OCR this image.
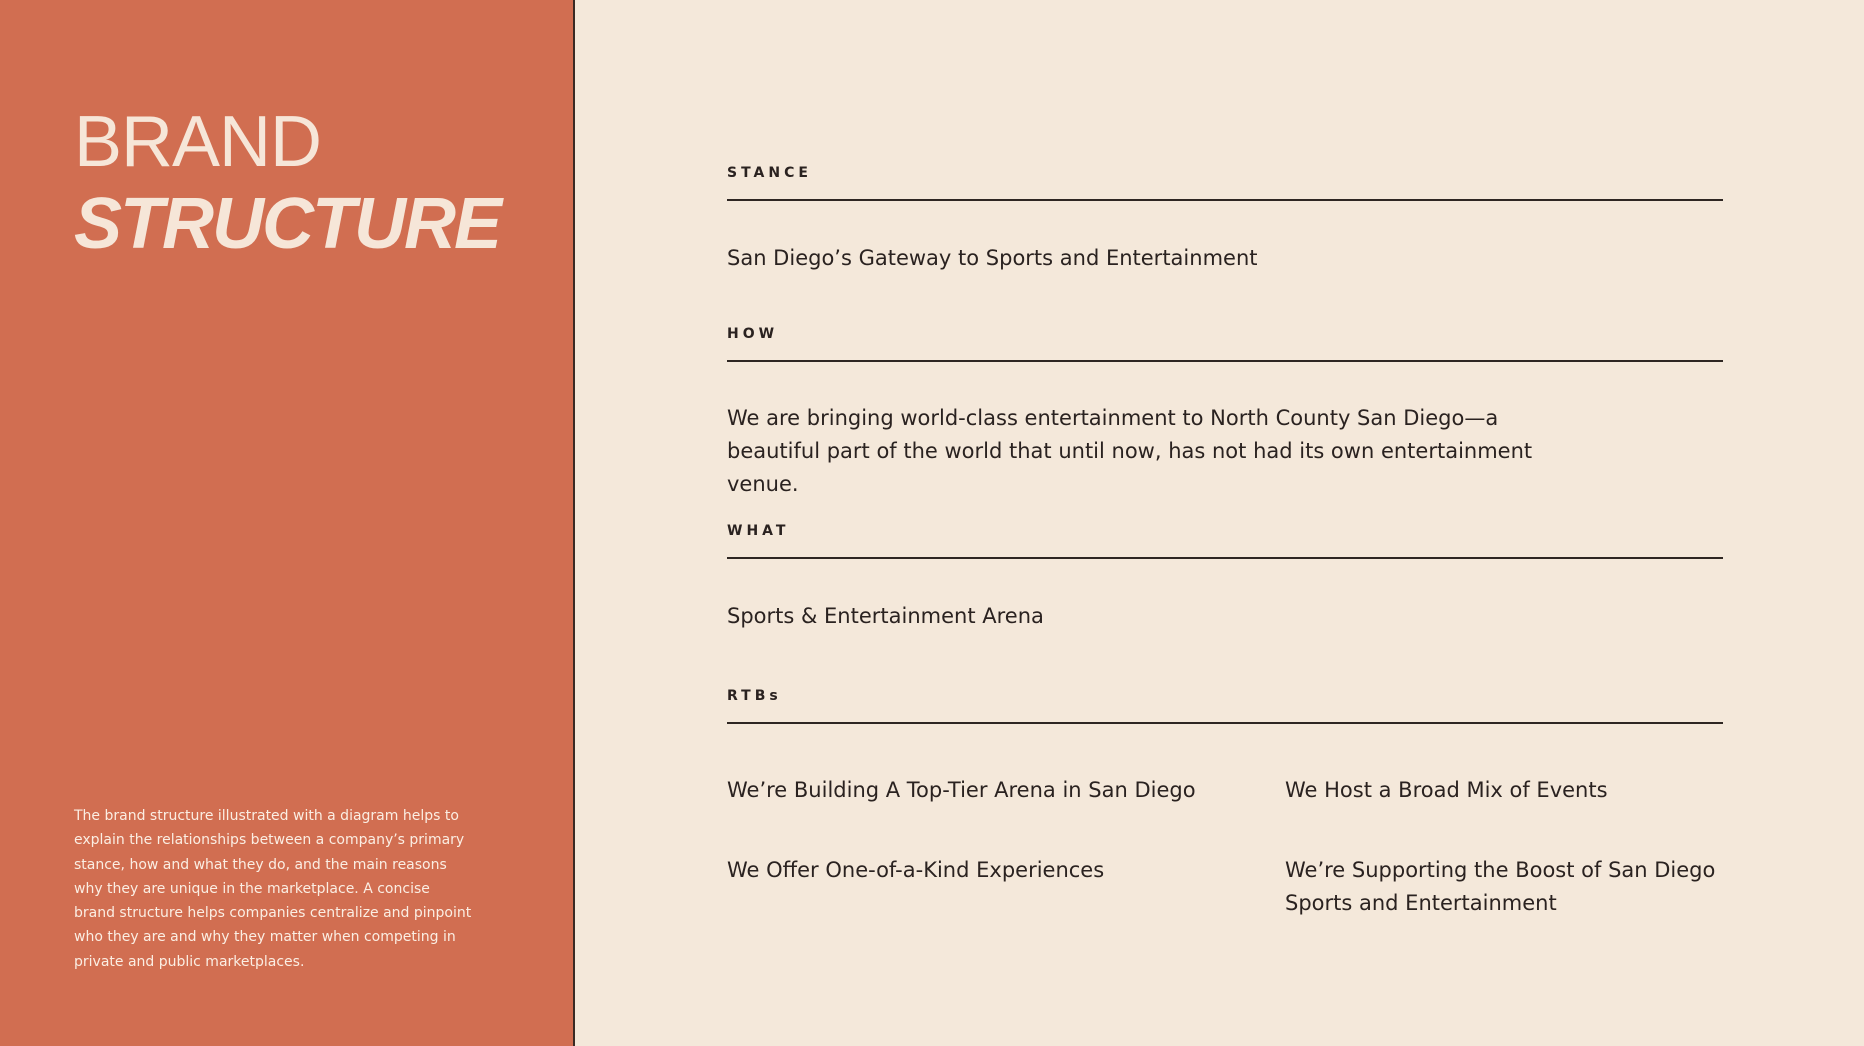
BRAND
STRUCTURE

The brand structure illustrated with a diagram helps to explain the relationships between a company’s primary stance, how and what they do, and the main reasons why they are unique in the marketplace. A concise brand structure helps companies centralize and pinpoint who they are and why they matter when competing in private and public marketplaces.

STANCE

San Diego’s Gateway to Sports and Entertainment

HOW

We are bringing world-class entertainment to North County San Diego—a beautiful part of the world that until now, has not had its own entertainment venue.

WHAT

Sports & Entertainment Arena

RTBs

We’re Building A Top-Tier Arena in San Diego	We Host a Broad Mix of Events

We Offer One-of-a-Kind Experiences	We’re Supporting the Boost of San Diego Sports and Entertainment
